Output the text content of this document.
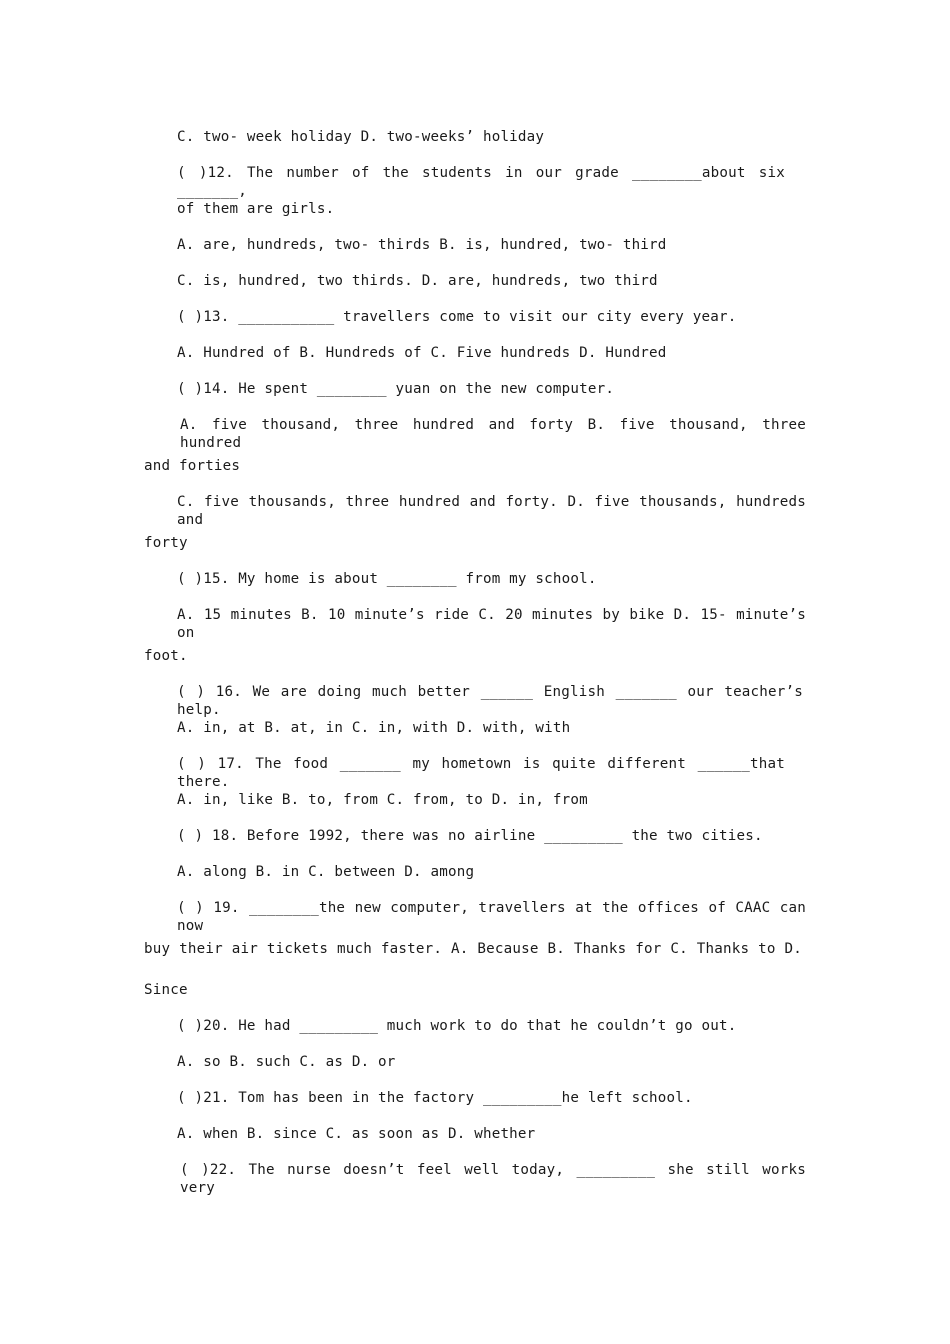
C. two- week holiday D. two-weeks’ holiday
( )12. The number of the students in our grade ________about six _______,
of them are girls.
A. are, hundreds, two- thirds B. is, hundred, two- third
C. is, hundred, two thirds. D. are, hundreds, two third
( )13. ___________ travellers come to visit our city every year.
A. Hundred of B. Hundreds of C. Five hundreds D. Hundred
( )14. He spent ________ yuan on the new computer.
A. five thousand, three hundred and forty B. five thousand, three hundred
and forties
C. five thousands, three hundred and forty. D. five thousands, hundreds and
forty
( )15. My home is about ________ from my school.
A. 15 minutes B. 10 minute’s ride C. 20 minutes by bike D. 15- minute’s on
foot.
( ) 16. We are doing much better ______ English _______ our teacher’s help.
A. in, at B. at, in C. in, with D. with, with
( ) 17. The food _______ my hometown is quite different ______that there.
A. in, like B. to, from C. from, to D. in, from
( ) 18. Before 1992, there was no airline _________ the two cities.
A. along B. in C. between D. among
( ) 19. ________the new computer, travellers at the offices of CAAC can now
buy their air tickets much faster. A. Because B. Thanks for C. Thanks to D.
Since
( )20. He had _________ much work to do that he couldn’t go out.
A. so B. such C. as D. or
( )21. Tom has been in the factory _________he left school.
A. when B. since C. as soon as D. whether
( )22. The nurse doesn’t feel well today, _________ she still works very
